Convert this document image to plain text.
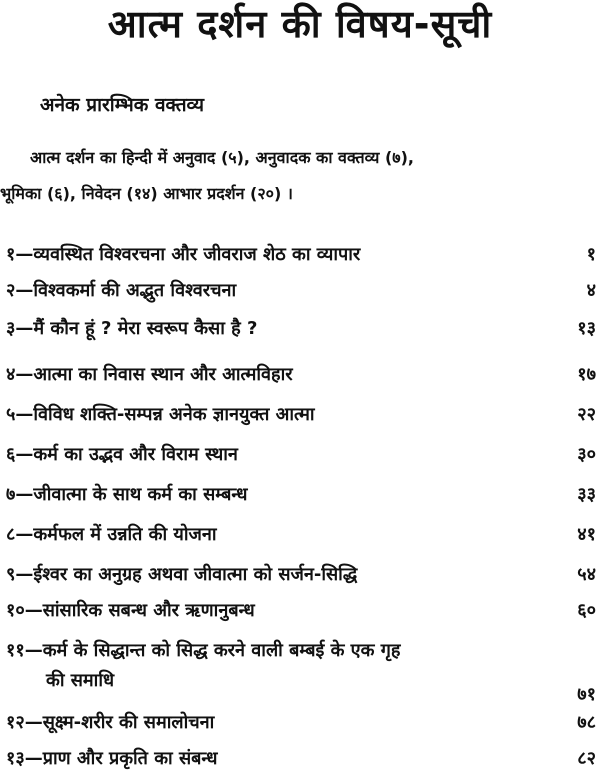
आत्म दर्शन की विषय-सूची
अनेक प्रारम्भिक वक्तव्य
आत्म दर्शन का हिन्दी में अनुवाद (५), अनुवादक का वक्तव्य (७),
भूमिका (६), निवेदन (१४) आभार प्रदर्शन (२०) ।
१—व्यवस्थित विश्वरचना और जीवराज शेठ का व्यापार	१
२—विश्वकर्मा की अद्भुत विश्वरचना	४
३—मैं कौन हूं ? मेरा स्वरूप कैसा है ?	१३
४—आत्मा का निवास स्थान और आत्मविहार	१७
५—विविध शक्ति-सम्पन्न अनेक ज्ञानयुक्त आत्मा	२२
६—कर्म का उद्भव और विराम स्थान	३०
७—जीवात्मा के साथ कर्म का सम्बन्ध	३३
८—कर्मफल में उन्नति की योजना	४१
९—ईश्वर का अनुग्रह अथवा जीवात्मा को सर्जन-सिद्धि	५४
१०—सांसारिक सबन्ध और ऋणानुबन्ध	६०
११—कर्म के सिद्धान्त को सिद्ध करने वाली बम्बई के एक गृह
की समाधि
७१
१२—सूक्ष्म-शरीर की समालोचना	७८
१३—प्राण और प्रकृति का संबन्ध	८२
